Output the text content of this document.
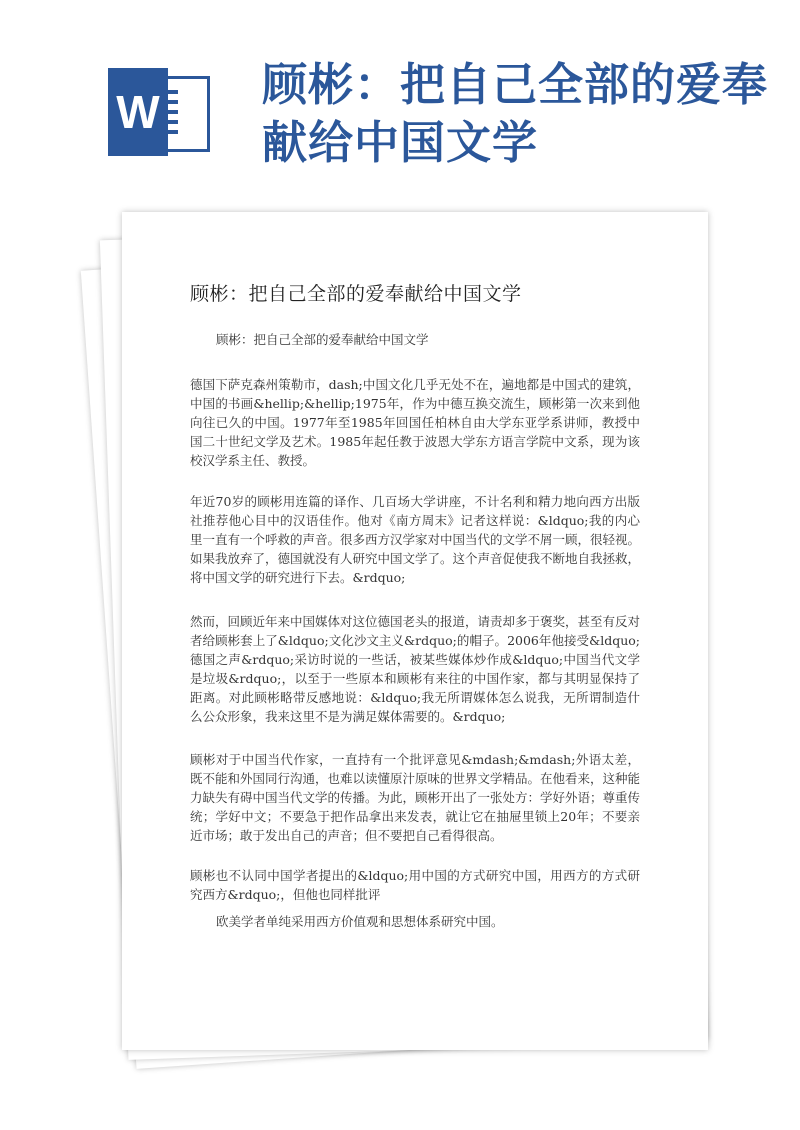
W
顾彬：把自己全部的爱奉献给中国文学
顾彬：把自己全部的爱奉献给中国文学

顾彬：把自己全部的爱奉献给中国文学

德国下萨克森州策勒市，dash;中国文化几乎无处不在，遍地都是中国式的建筑，中国的书画&hellip;&hellip;1975年，作为中德互换交流生，顾彬第一次来到他向往已久的中国。1977年至1985年回国任柏林自由大学东亚学系讲师，教授中国二十世纪文学及艺术。1985年起任教于波恩大学东方语言学院中文系，现为该校汉学系主任、教授。

年近70岁的顾彬用连篇的译作、几百场大学讲座，不计名利和精力地向西方出版社推荐他心目中的汉语佳作。他对《南方周末》记者这样说：&ldquo;我的内心里一直有一个呼救的声音。很多西方汉学家对中国当代的文学不屑一顾，很轻视。如果我放弃了，德国就没有人研究中国文学了。这个声音促使我不断地自我拯救，将中国文学的研究进行下去。&rdquo;

然而，回顾近年来中国媒体对这位德国老头的报道，请责却多于褒奖，甚至有反对者给顾彬套上了&ldquo;文化沙文主义&rdquo;的帽子。2006年他接受&ldquo;德国之声&rdquo;采访时说的一些话，被某些媒体炒作成&ldquo;中国当代文学是垃圾&rdquo;，以至于一些原本和顾彬有来往的中国作家，都与其明显保持了距离。对此顾彬略带反感地说：&ldquo;我无所谓媒体怎么说我，无所谓制造什么公众形象，我来这里不是为满足媒体需要的。&rdquo;

顾彬对于中国当代作家，一直持有一个批评意见&mdash;&mdash;外语太差，既不能和外国同行沟通，也难以读懂原汁原味的世界文学精品。在他看来，这种能力缺失有碍中国当代文学的传播。为此，顾彬开出了一张处方：学好外语；尊重传统；学好中文；不要急于把作品拿出来发表，就让它在抽屉里锁上20年；不要亲近市场；敢于发出自己的声音；但不要把自己看得很高。

顾彬也不认同中国学者提出的&ldquo;用中国的方式研究中国，用西方的方式研究西方&rdquo;，但他也同样批评

欧美学者单纯采用西方价值观和思想体系研究中国。
